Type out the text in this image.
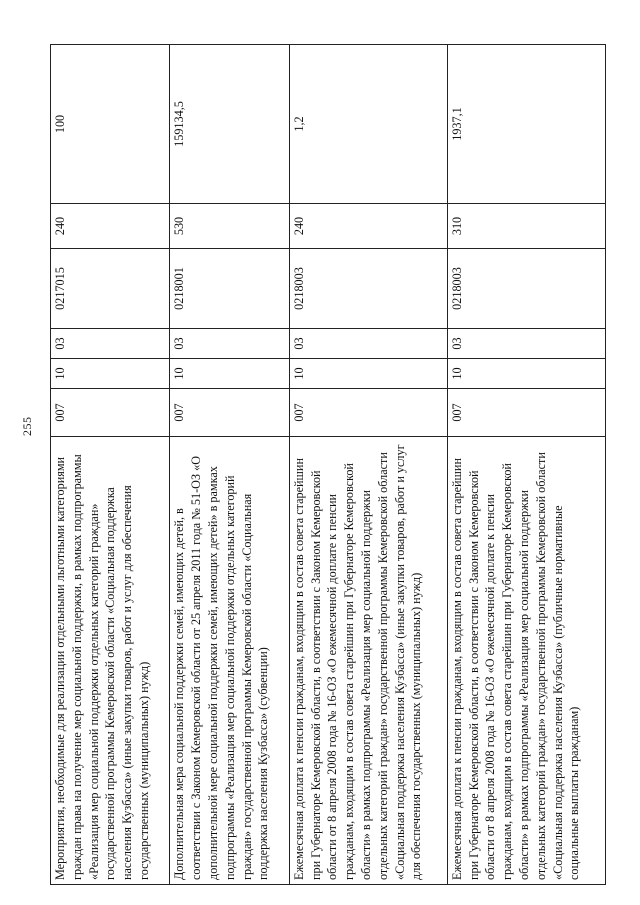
255
Мероприятия, необходимые для реализации отдельными льготными категориями граждан права на получение мер социальной поддержки, в рамках подпрограммы «Реализация мер социальной поддержки отдельных категорий граждан» государственной программы Кемеровской области «Социальная поддержка населения Кузбасса» (иные закупки товаров, работ и услуг для обеспечения государственных (муниципальных) нужд)	007	10	03	0217015	240	100
Дополнительная мера социальной поддержки семей, имеющих детей, в соответствии с Законом Кемеровской области от 25 апреля 2011 года № 51-ОЗ «О дополнительной мере социальной поддержки семей, имеющих детей» в рамках подпрограммы «Реализация мер социальной поддержки отдельных категорий граждан» государственной программы Кемеровской области «Социальная поддержка населения Кузбасса» (субвенции)	007	10	03	0218001	530	159134,5
Ежемесячная доплата к пенсии гражданам, входящим в состав совета старейшин при Губернаторе Кемеровской области, в соответствии с Законом Кемеровской области от 8 апреля 2008 года № 16-ОЗ «О ежемесячной доплате к пенсии гражданам, входящим в состав совета старейшин при Губернаторе Кемеровской области» в рамках подпрограммы «Реализация мер социальной поддержки отдельных категорий граждан» государственной программы Кемеровской области «Социальная поддержка населения Кузбасса» (иные закупки товаров, работ и услуг для обеспечения государственных (муниципальных) нужд)	007	10	03	0218003	240	1,2
Ежемесячная доплата к пенсии гражданам, входящим в состав совета старейшин при Губернаторе Кемеровской области, в соответствии с Законом Кемеровской области от 8 апреля 2008 года № 16-ОЗ «О ежемесячной доплате к пенсии гражданам, входящим в состав совета старейшин при Губернаторе Кемеровской области» в рамках подпрограммы «Реализация мер социальной поддержки отдельных категорий граждан» государственной программы Кемеровской области «Социальная поддержка населения Кузбасса» (публичные нормативные социальные выплаты гражданам)	007	10	03	0218003	310	1937,1
